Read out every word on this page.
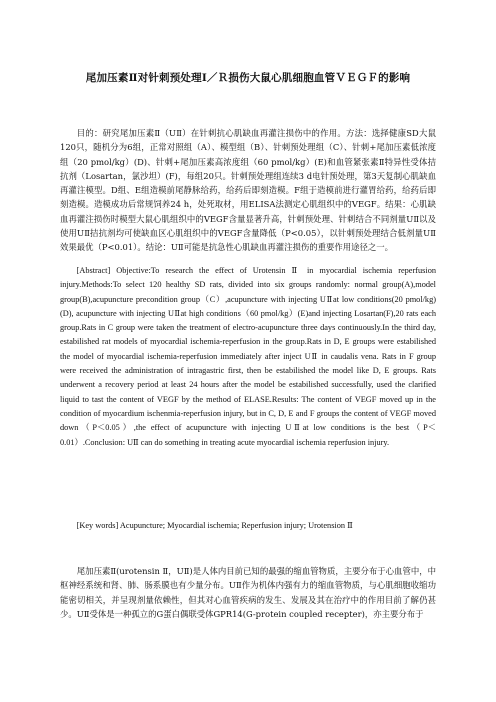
尾加压素Ⅱ对针刺预处理Ⅰ／Ｒ损伤大鼠心肌细胞血管ＶＥＧＦ的影响

目的：研究尾加压素Ⅱ（UⅡ）在针刺抗心肌缺血再灌注损伤中的作用。方法：选择健康SD大鼠120只，随机分为6组，正常对照组（A）、模型组（B）、针刺预处理组（C）、针刺+尾加压素低浓度组（20 pmol/kg）(D)、针刺+尾加压素高浓度组（60 pmol/kg）(E)和血管紧张素Ⅱ特异性受体拮抗剂（Losartan，氯沙坦）(F)，每组20只。针刺预处理组连续3 d电针预处理，第3天复制心肌缺血再灌注模型。D组、E组造模前尾静脉给药，给药后即刻造模。F组于造模前进行灌胃给药，给药后即刻造模。造模成功后常规饲养24 h，处死取材，用ELISA法测定心肌组织中的VEGF。结果：心肌缺血再灌注损伤时模型大鼠心肌组织中的VEGF含量显著升高，针刺预处理、针刺结合不同剂量UⅡ以及使用UⅡ拮抗剂均可使缺血区心肌组织中的VEGF含量降低（P<0.05），以针刺预处理结合低剂量UⅡ效果最优（P<0.01）。结论：UⅡ可能是抗急性心肌缺血再灌注损伤的重要作用途径之一。

[Abstract] Objective:To research the effect of Urotensin Ⅱ in myocardial ischemia reperfusion injury.Methods:To select 120 healthy SD rats, divided into six groups randomly: normal group(A),model group(B),acupuncture precondition group（C）,acupuncture with injecting UⅡat low conditions(20 pmol/kg)(D), acupuncture with injecting UⅡat high conditions（60 pmol/kg）(E)and injecting Losartan(F),20 rats each group.Rats in C group were taken the treatment of electro-acupuncture three days continuously.In the third day, estabilished rat models of myocardial ischemia-reperfusion in the group.Rats in D, E groups were estabilished the model of myocardial ischemia-reperfusion immediately after inject UⅡ in caudalis vena. Rats in F group were received the administration of intragastric first, then be estabilished the model like D, E groups. Rats underwent a recovery period at least 24 hours after the model be estabilished successfully, used the clarified liquid to tast the content of VEGF by the method of ELASE.Results: The content of VEGF moved up in the condition of myocardium ischenmia-reperfusion injury, but in C, D, E and F groups the content of VEGF moved down（P＜0.05）,the effect of acupuncture with injecting UⅡat low conditions is the best（P＜0.01）.Conclusion: UⅡ can do something in treating acute myocardial ischemia reperfusion injury.

[Key words] Acupuncture; Myocardial ischemia; Reperfusion injury; Urotension Ⅱ

尾加压素Ⅱ(urotensin Ⅱ，UⅡ)是人体内目前已知的最强的缩血管物质，主要分布于心血管中，中枢神经系统和肾、肺、肠系膜也有少量分布。UⅡ作为机体内强有力的缩血管物质，与心肌细胞收缩功能密切相关，并呈现剂量依赖性，但其对心血管疾病的发生、发展及其在治疗中的作用目前了解仍甚少。UⅡ受体是一种孤立的G蛋白偶联受体GPR14(G-protein coupled recepter)，亦主要分布于
